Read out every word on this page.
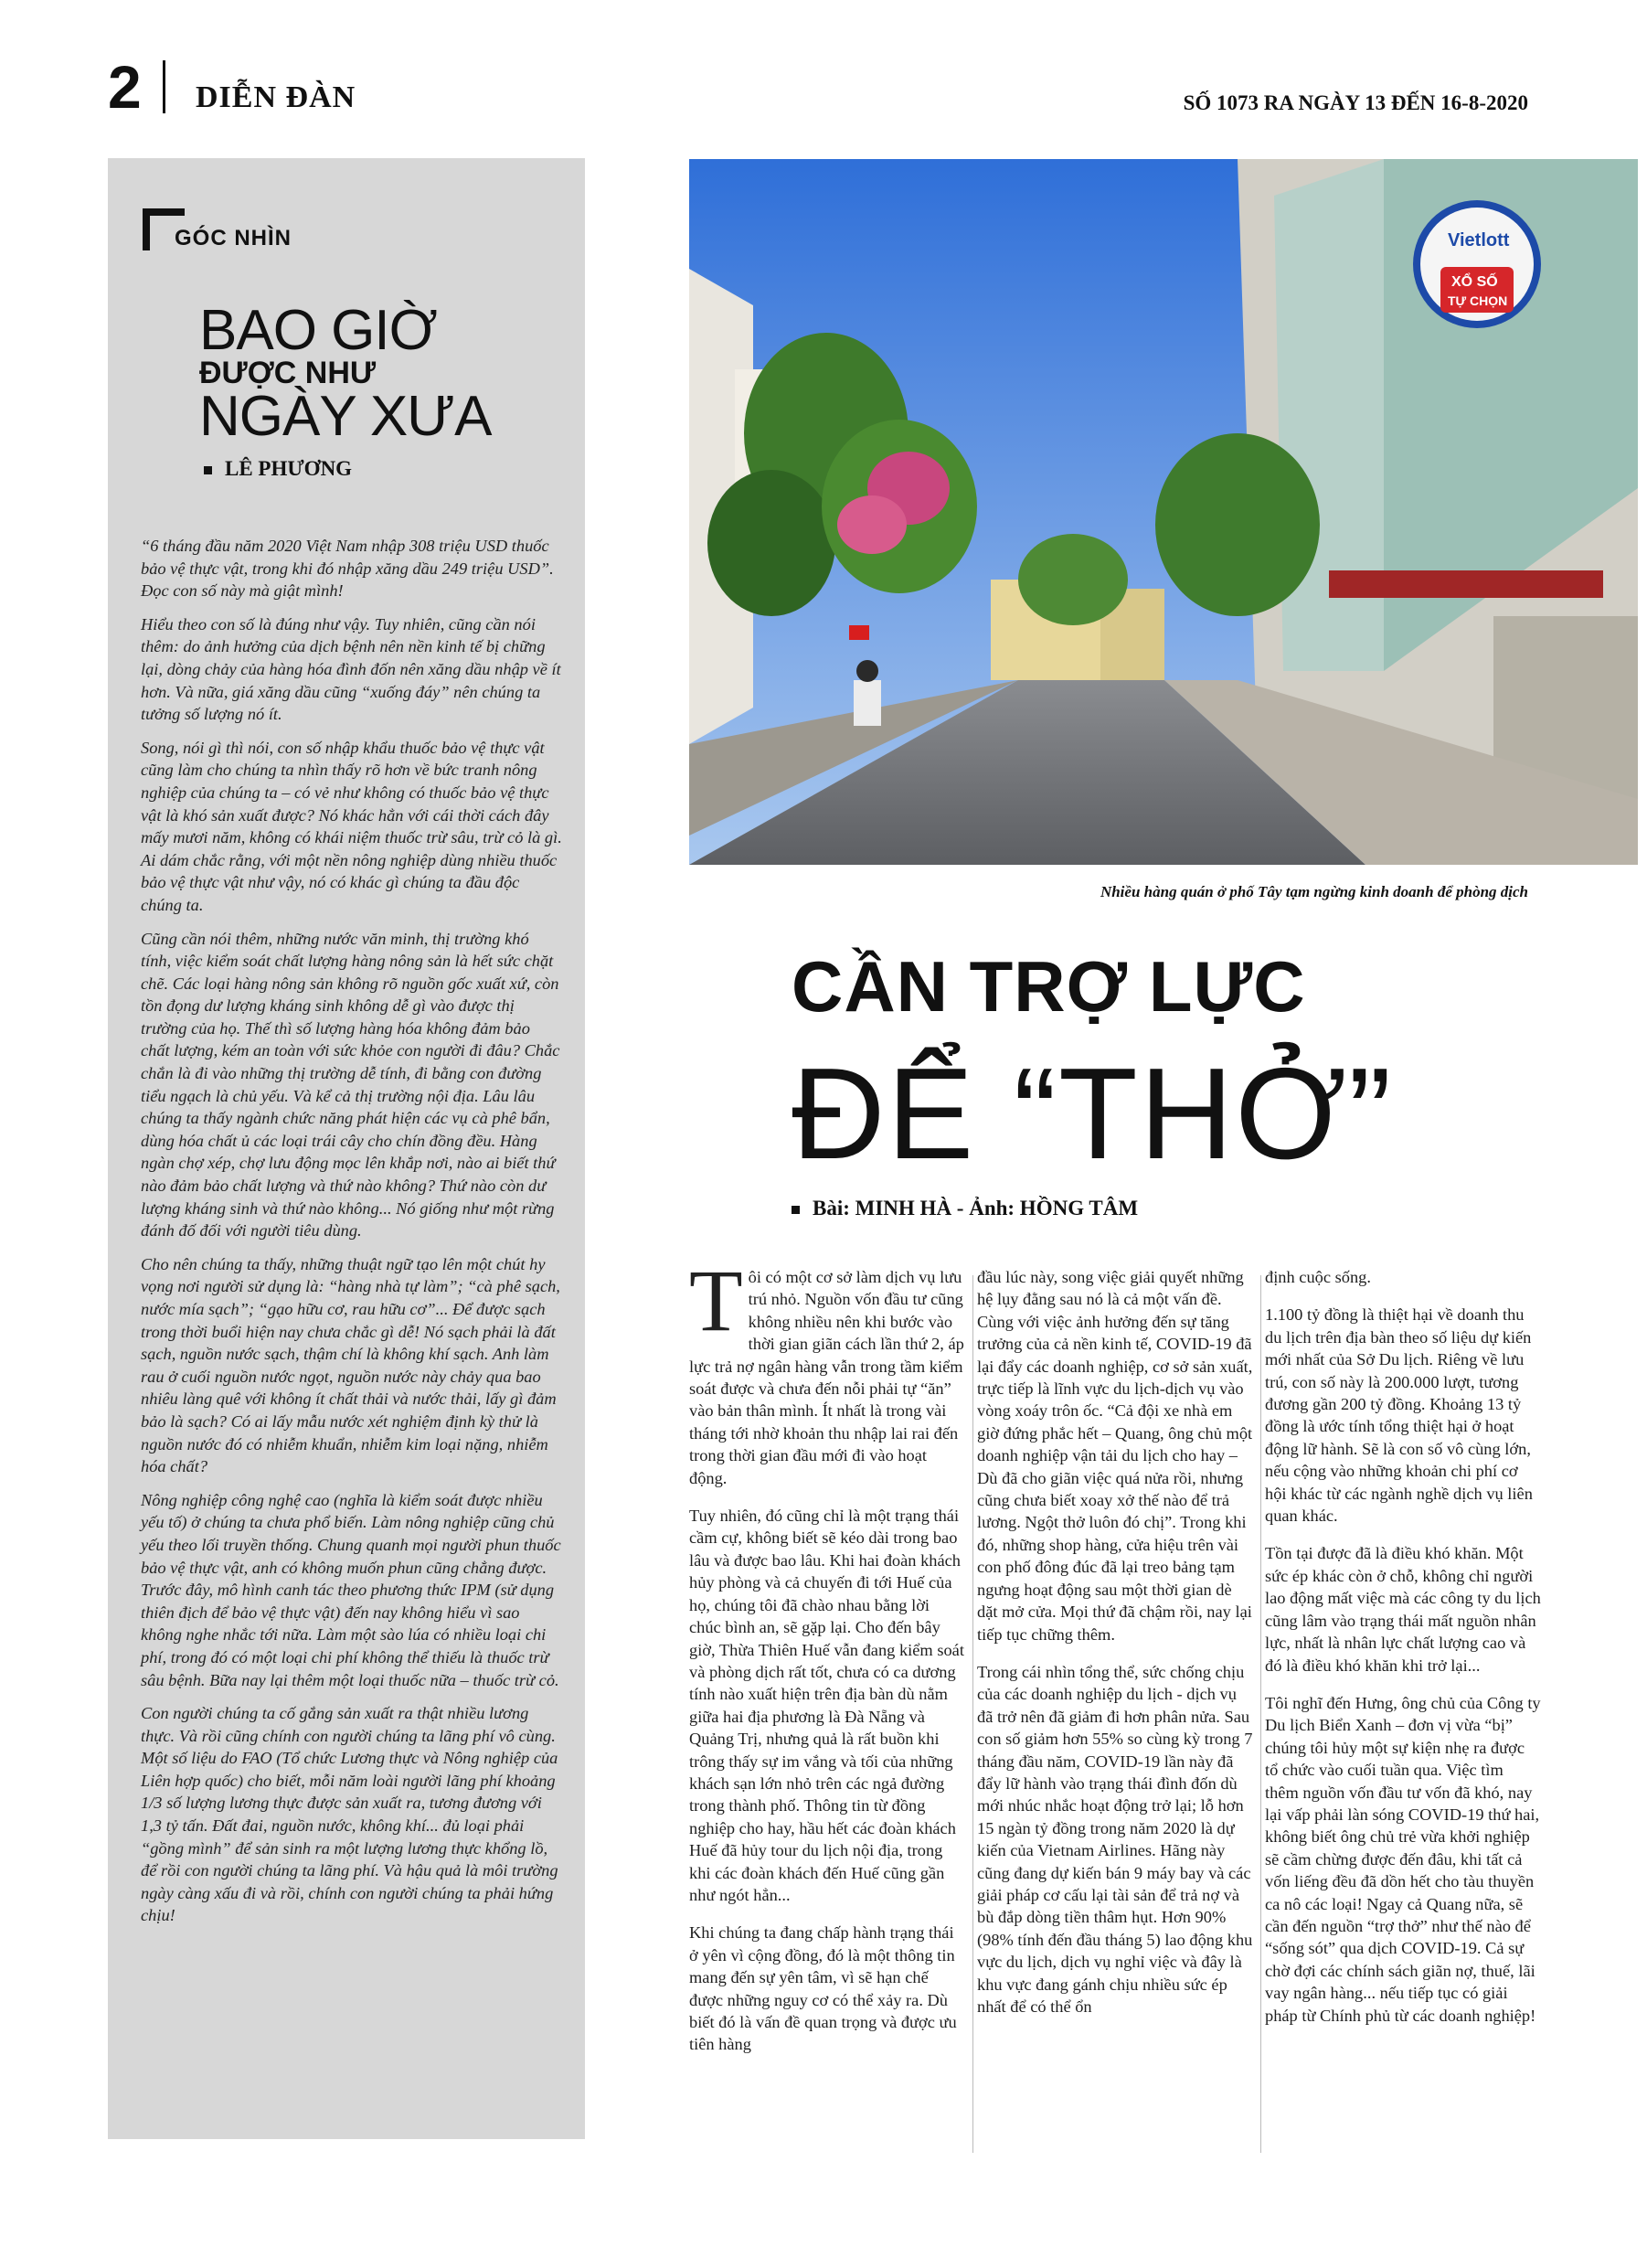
2 DIỄN ĐÀN	SỐ 1073 RA NGÀY 13 ĐẾN 16-8-2020
GÓC NHÌN
BAO GIỜ
ĐƯỢC NHƯ
NGÀY XƯA
LÊ PHƯƠNG

“6 tháng đầu năm 2020 Việt Nam nhập 308 triệu USD thuốc bảo vệ thực vật, trong khi đó nhập xăng dầu 249 triệu USD”. Đọc con số này mà giật mình!

Hiểu theo con số là đúng như vậy. Tuy nhiên, cũng cần nói thêm: do ảnh hưởng của dịch bệnh nên nền kinh tế bị chững lại, dòng chảy của hàng hóa đình đốn nên xăng dầu nhập về ít hơn. Và nữa, giá xăng dầu cũng “xuống đáy” nên chúng ta tưởng số lượng nó ít.

Song, nói gì thì nói, con số nhập khẩu thuốc bảo vệ thực vật cũng làm cho chúng ta nhìn thấy rõ hơn về bức tranh nông nghiệp của chúng ta – có vẻ như không có thuốc bảo vệ thực vật là khó sản xuất được? Nó khác hẳn với cái thời cách đây mấy mươi năm, không có khái niệm thuốc trừ sâu, trừ cỏ là gì. Ai dám chắc rằng, với một nền nông nghiệp dùng nhiều thuốc bảo vệ thực vật như vậy, nó có khác gì chúng ta đầu độc chúng ta.

Cũng cần nói thêm, những nước văn minh, thị trường khó tính, việc kiểm soát chất lượng hàng nông sản là hết sức chặt chẽ. Các loại hàng nông sản không rõ nguồn gốc xuất xứ, còn tồn đọng dư lượng kháng sinh không dễ gì vào được thị trường của họ. Thế thì số lượng hàng hóa không đảm bảo chất lượng, kém an toàn với sức khỏe con người đi đâu? Chắc chắn là đi vào những thị trường dễ tính, đi bằng con đường tiểu ngạch là chủ yếu. Và kể cả thị trường nội địa. Lâu lâu chúng ta thấy ngành chức năng phát hiện các vụ cà phê bẩn, dùng hóa chất ủ các loại trái cây cho chín đồng đều. Hàng ngàn chợ xép, chợ lưu động mọc lên khắp nơi, nào ai biết thứ nào đảm bảo chất lượng và thứ nào không? Thứ nào còn dư lượng kháng sinh và thứ nào không... Nó giống như một rừng đánh đố đối với người tiêu dùng.

Cho nên chúng ta thấy, những thuật ngữ tạo lên một chút hy vọng nơi người sử dụng là: “hàng nhà tự làm”; “cà phê sạch, nước mía sạch”; “gạo hữu cơ, rau hữu cơ”... Để được sạch trong thời buổi hiện nay chưa chắc gì dễ! Nó sạch phải là đất sạch, nguồn nước sạch, thậm chí là không khí sạch. Anh làm rau ở cuối nguồn nước ngọt, nguồn nước này chảy qua bao nhiêu làng quê với không ít chất thải và nước thải, lấy gì đảm bảo là sạch? Có ai lấy mẫu nước xét nghiệm định kỳ thử là nguồn nước đó có nhiễm khuẩn, nhiễm kim loại nặng, nhiễm hóa chất?

Nông nghiệp công nghệ cao (nghĩa là kiểm soát được nhiều yếu tố) ở chúng ta chưa phổ biến. Làm nông nghiệp cũng chủ yếu theo lối truyền thống. Chung quanh mọi người phun thuốc bảo vệ thực vật, anh có không muốn phun cũng chẳng được. Trước đây, mô hình canh tác theo phương thức IPM (sử dụng thiên địch để bảo vệ thực vật) đến nay không hiểu vì sao không nghe nhắc tới nữa. Làm một sào lúa có nhiều loại chi phí, trong đó có một loại chi phí không thể thiếu là thuốc trừ sâu bệnh. Bữa nay lại thêm một loại thuốc nữa – thuốc trừ cỏ.

Con người chúng ta cố gắng sản xuất ra thật nhiều lương thực. Và rồi cũng chính con người chúng ta lãng phí vô cùng. Một số liệu do FAO (Tổ chức Lương thực và Nông nghiệp của Liên hợp quốc) cho biết, mỗi năm loài người lãng phí khoảng 1/3 số lượng lương thực được sản xuất ra, tương đương với 1,3 tỷ tấn. Đất đai, nguồn nước, không khí... đủ loại phải “gồng mình” để sản sinh ra một lượng lương thực khổng lồ, để rồi con người chúng ta lãng phí. Và hậu quả là môi trường ngày càng xấu đi và rồi, chính con người chúng ta phải hứng chịu!

Vietlott
XỔ SỐ
TỰ CHỌN
Nhiều hàng quán ở phố Tây tạm ngừng kinh doanh để phòng dịch
CẦN TRỢ LỰC
ĐỂ “THỞ”
Bài: MINH HÀ - Ảnh: HỒNG TÂM

Tôi có một cơ sở làm dịch vụ lưu trú nhỏ. Nguồn vốn đầu tư cũng không nhiều nên khi bước vào thời gian giãn cách lần thứ 2, áp lực trả nợ ngân hàng vẫn trong tầm kiểm soát được và chưa đến nỗi phải tự “ăn” vào bản thân mình. Ít nhất là trong vài tháng tới nhờ khoản thu nhập lai rai đến trong thời gian đầu mới đi vào hoạt động.

Tuy nhiên, đó cũng chỉ là một trạng thái cầm cự, không biết sẽ kéo dài trong bao lâu và được bao lâu. Khi hai đoàn khách hủy phòng và cả chuyến đi tới Huế của họ, chúng tôi đã chào nhau bằng lời chúc bình an, sẽ gặp lại. Cho đến bây giờ, Thừa Thiên Huế vẫn đang kiểm soát và phòng dịch rất tốt, chưa có ca dương tính nào xuất hiện trên địa bàn dù nằm giữa hai địa phương là Đà Nẵng và Quảng Trị, nhưng quả là rất buồn khi trông thấy sự im vắng và tối của những khách sạn lớn nhỏ trên các ngả đường trong thành phố. Thông tin từ đồng nghiệp cho hay, hầu hết các đoàn khách Huế đã hủy tour du lịch nội địa, trong khi các đoàn khách đến Huế cũng gần như ngót hẳn...

Khi chúng ta đang chấp hành trạng thái ở yên vì cộng đồng, đó là một thông tin mang đến sự yên tâm, vì sẽ hạn chế được những nguy cơ có thể xảy ra. Dù biết đó là vấn đề quan trọng và được ưu tiên hàng

đầu lúc này, song việc giải quyết những hệ lụy đằng sau nó là cả một vấn đề. Cùng với việc ảnh hưởng đến sự tăng trưởng của cả nền kinh tế, COVID-19 đã lại đẩy các doanh nghiệp, cơ sở sản xuất, trực tiếp là lĩnh vực du lịch-dịch vụ vào vòng xoáy trôn ốc. “Cả đội xe nhà em giờ đứng phắc hết – Quang, ông chủ một doanh nghiệp vận tải du lịch cho hay – Dù đã cho giãn việc quá nửa rồi, nhưng cũng chưa biết xoay xở thế nào để trả lương. Ngột thở luôn đó chị”. Trong khi đó, những shop hàng, cửa hiệu trên vài con phố đông đúc đã lại treo bảng tạm ngưng hoạt động sau một thời gian dè dặt mở cửa. Mọi thứ đã chậm rồi, nay lại tiếp tục chững thêm.

Trong cái nhìn tổng thể, sức chống chịu của các doanh nghiệp du lịch - dịch vụ đã trở nên đã giảm đi hơn phân nửa. Sau con số giảm hơn 55% so cùng kỳ trong 7 tháng đầu năm, COVID-19 lần này đã đẩy lữ hành vào trạng thái đình đốn dù mới nhúc nhắc hoạt động trở lại; lỗ hơn 15 ngàn tỷ đồng trong năm 2020 là dự kiến của Vietnam Airlines. Hãng này cũng đang dự kiến bán 9 máy bay và các giải pháp cơ cấu lại tài sản để trả nợ và bù đắp dòng tiền thâm hụt. Hơn 90% (98% tính đến đầu tháng 5) lao động khu vực du lịch, dịch vụ nghỉ việc và đây là khu vực đang gánh chịu nhiều sức ép nhất để có thể ổn

định cuộc sống.

1.100 tỷ đồng là thiệt hại về doanh thu du lịch trên địa bàn theo số liệu dự kiến mới nhất của Sở Du lịch. Riêng về lưu trú, con số này là 200.000 lượt, tương đương gần 200 tỷ đồng. Khoảng 13 tỷ đồng là ước tính tổng thiệt hại ở hoạt động lữ hành. Sẽ là con số vô cùng lớn, nếu cộng vào những khoản chi phí cơ hội khác từ các ngành nghề dịch vụ liên quan khác.

Tồn tại được đã là điều khó khăn. Một sức ép khác còn ở chỗ, không chỉ người lao động mất việc mà các công ty du lịch cũng lâm vào trạng thái mất nguồn nhân lực, nhất là nhân lực chất lượng cao và đó là điều khó khăn khi trở lại...

Tôi nghĩ đến Hưng, ông chủ của Công ty Du lịch Biển Xanh – đơn vị vừa “bị” chúng tôi hủy một sự kiện nhẹ ra được tổ chức vào cuối tuần qua. Việc tìm thêm nguồn vốn đầu tư vốn đã khó, nay lại vấp phải làn sóng COVID-19 thứ hai, không biết ông chủ trẻ vừa khởi nghiệp sẽ cầm chừng được đến đâu, khi tất cả vốn liếng đều đã dồn hết cho tàu thuyền ca nô các loại! Ngay cả Quang nữa, sẽ cần đến nguồn “trợ thở” như thế nào để “sống sót” qua dịch COVID-19. Cả sự chờ đợi các chính sách giãn nợ, thuế, lãi vay ngân hàng... nếu tiếp tục có giải pháp từ Chính phủ từ các doanh nghiệp!
